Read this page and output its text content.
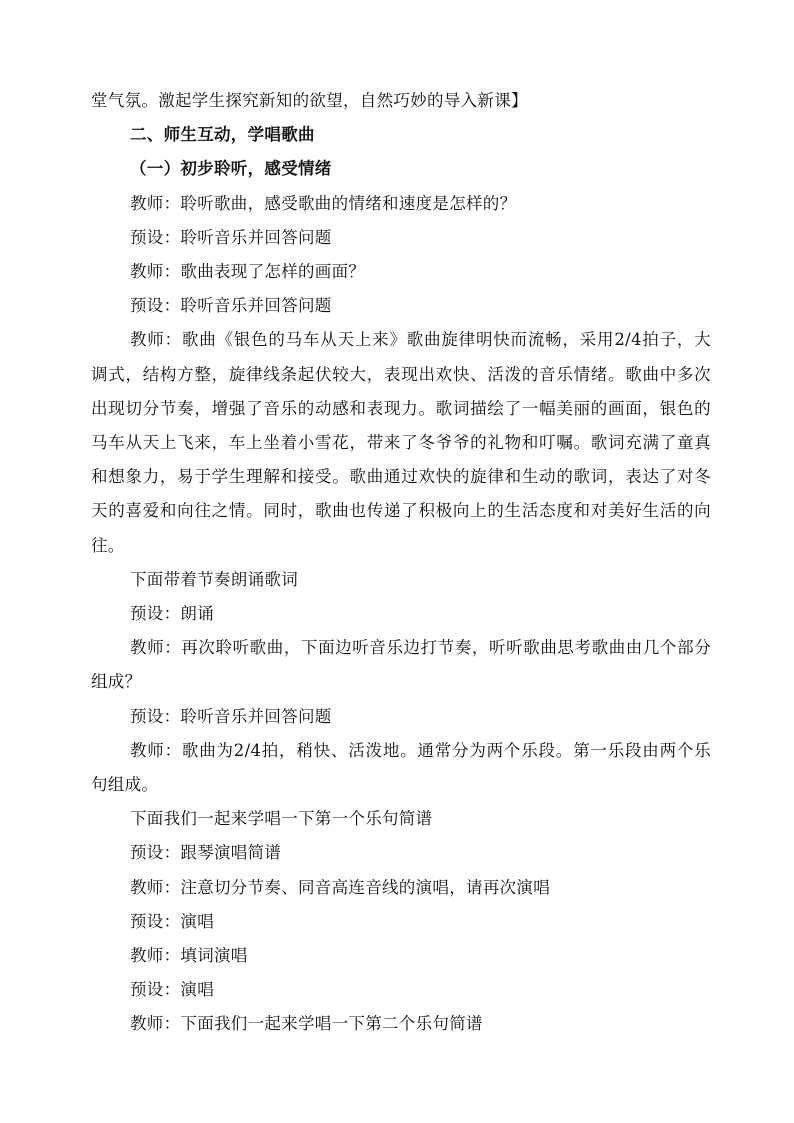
堂气氛。激起学生探究新知的欲望，自然巧妙的导入新课】

二、师生互动，学唱歌曲

（一）初步聆听，感受情绪

教师：聆听歌曲，感受歌曲的情绪和速度是怎样的？

预设：聆听音乐并回答问题

教师：歌曲表现了怎样的画面？

预设：聆听音乐并回答问题

教师：歌曲《银色的马车从天上来》歌曲旋律明快而流畅，采用2/4拍子，大调式，结构方整，旋律线条起伏较大，表现出欢快、活泼的音乐情绪。歌曲中多次出现切分节奏，增强了音乐的动感和表现力。歌词描绘了一幅美丽的画面，银色的马车从天上飞来，车上坐着小雪花，带来了冬爷爷的礼物和叮嘱。歌词充满了童真和想象力，易于学生理解和接受。歌曲通过欢快的旋律和生动的歌词，表达了对冬天的喜爱和向往之情。同时，歌曲也传递了积极向上的生活态度和对美好生活的向往。

下面带着节奏朗诵歌词

预设：朗诵

教师：再次聆听歌曲，下面边听音乐边打节奏，听听歌曲思考歌曲由几个部分组成？

预设：聆听音乐并回答问题

教师：歌曲为2/4拍，稍快、活泼地。通常分为两个乐段。第一乐段由两个乐句组成。

下面我们一起来学唱一下第一个乐句简谱

预设：跟琴演唱简谱

教师：注意切分节奏、同音高连音线的演唱，请再次演唱

预设：演唱

教师：填词演唱

预设：演唱

教师：下面我们一起来学唱一下第二个乐句简谱
